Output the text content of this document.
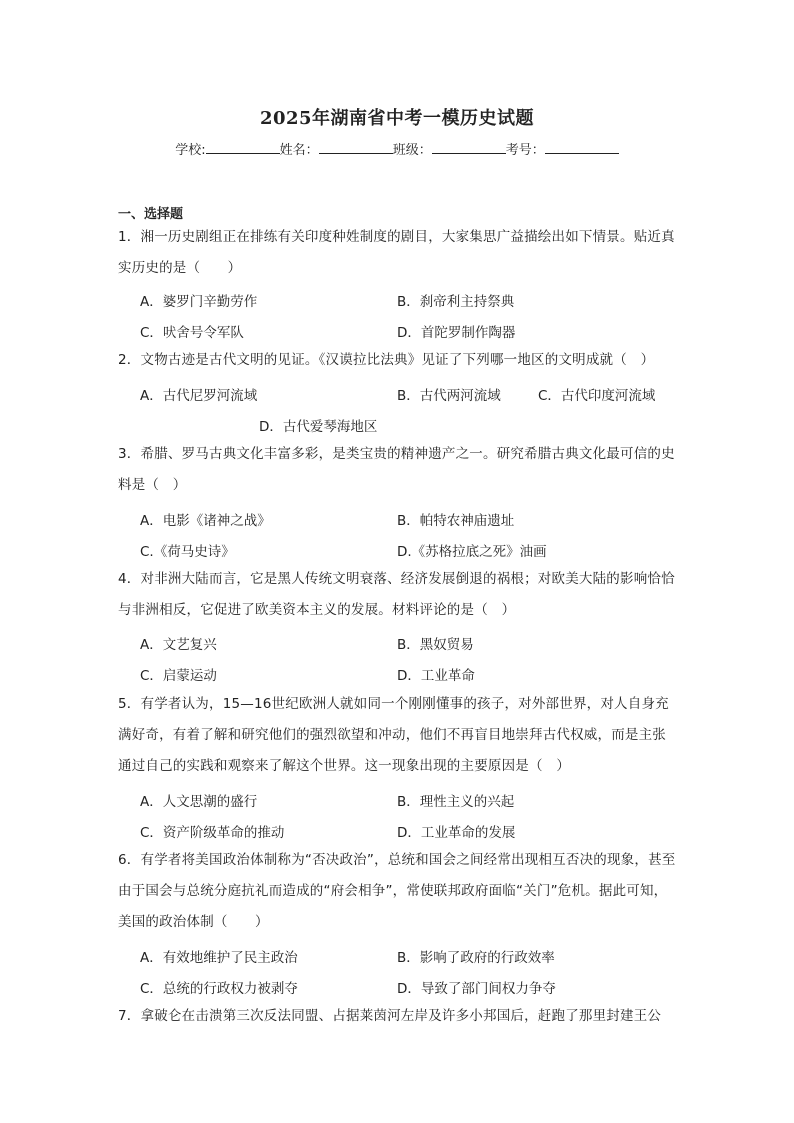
2025年湖南省中考一模历史试题
学校:	姓名：	班级：	考号：
一、选择题
1．湘一历史剧组正在排练有关印度种姓制度的剧目，大家集思广益描绘出如下情景。贴近真实历史的是（　　）
A．婆罗门辛勤劳作	B．刹帝利主持祭典
C．吠舍号令军队	D．首陀罗制作陶器
2．文物古迹是古代文明的见证。《汉谟拉比法典》见证了下列哪一地区的文明成就（　）
A．古代尼罗河流域	B．古代两河流域	C．古代印度河流域
D．古代爱琴海地区
3．希腊、罗马古典文化丰富多彩，是类宝贵的精神遗产之一。研究希腊古典文化最可信的史料是（　）
A．电影《诸神之战》	B．帕特农神庙遗址
C.《荷马史诗》	D.《苏格拉底之死》油画
4．对非洲大陆而言，它是黑人传统文明衰落、经济发展倒退的祸根；对欧美大陆的影响恰恰与非洲相反，它促进了欧美资本主义的发展。材料评论的是（　）
A．文艺复兴	B．黑奴贸易
C．启蒙运动	D．工业革命
5．有学者认为，15—16世纪欧洲人就如同一个刚刚懂事的孩子，对外部世界，对人自身充满好奇，有着了解和研究他们的强烈欲望和冲动，他们不再盲目地崇拜古代权威，而是主张通过自己的实践和观察来了解这个世界。这一现象出现的主要原因是（　）
A．人文思潮的盛行	B．理性主义的兴起
C．资产阶级革命的推动	D．工业革命的发展
6．有学者将美国政治体制称为“否决政治”，总统和国会之间经常出现相互否决的现象，甚至由于国会与总统分庭抗礼而造成的“府会相争”，常使联邦政府面临“关门”危机。据此可知，美国的政治体制（　　）
A．有效地维护了民主政治	B．影响了政府的行政效率
C．总统的行政权力被剥夺	D．导致了部门间权力争夺
7．拿破仑在击溃第三次反法同盟、占据莱茵河左岸及许多小邦国后，赶跑了那里封建王公
